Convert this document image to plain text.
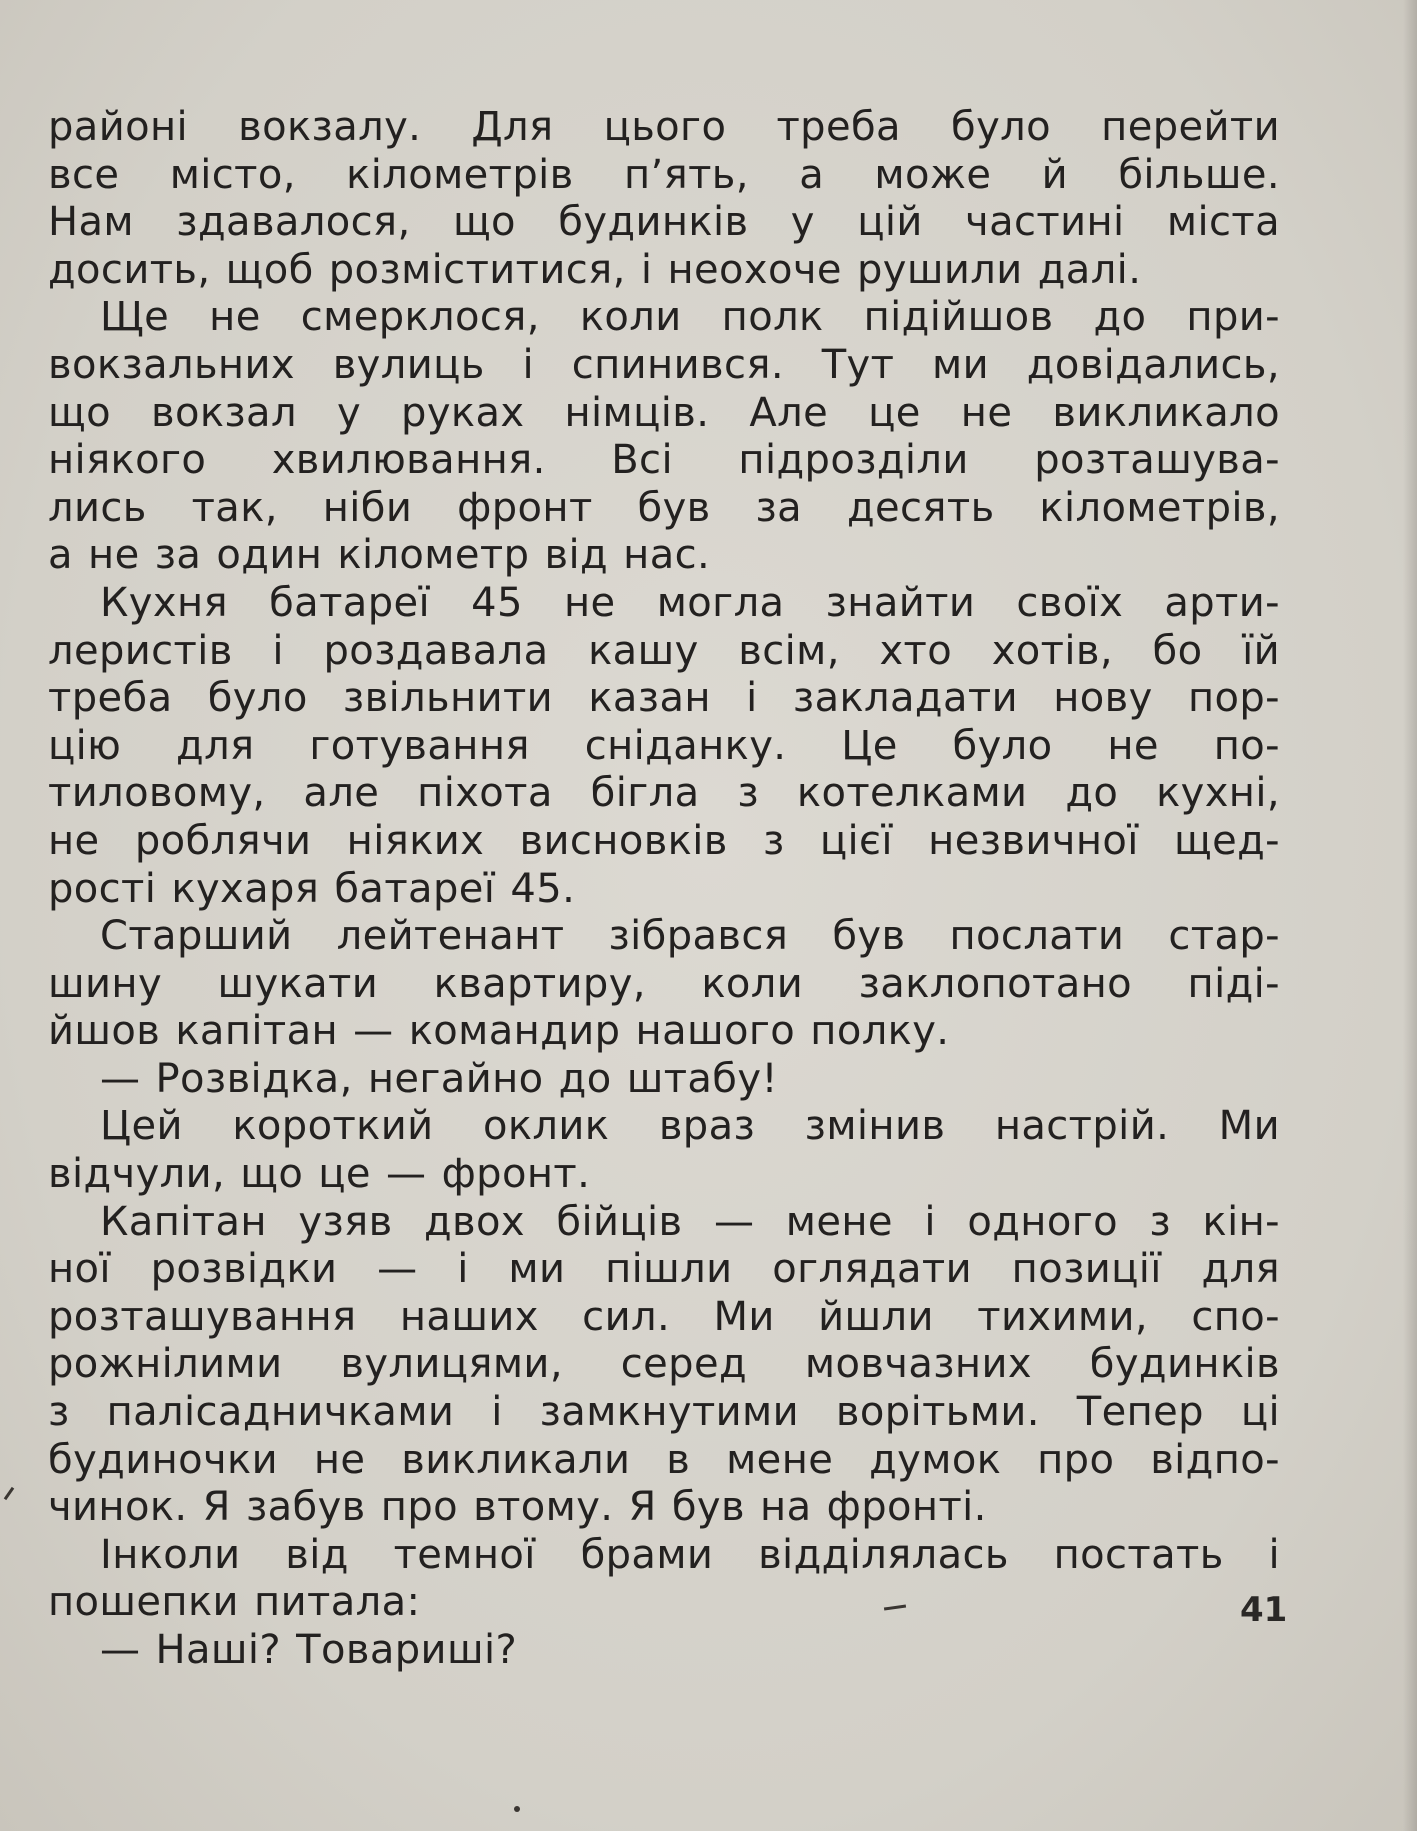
районі вокзалу. Для цього треба було перейти
все місто, кілометрів п’ять, а може й більше.
Нам здавалося, що будинків у цій частині міста
досить, щоб розміститися, і неохоче рушили далі.
Ще не смерклося, коли полк підійшов до при-
вокзальних вулиць і спинився. Тут ми довідались,
що вокзал у руках німців. Але це не викликало
ніякого хвилювання. Всі підрозділи розташува-
лись так, ніби фронт був за десять кілометрів,
а не за один кілометр від нас.
Кухня батареї 45 не могла знайти своїх арти-
леристів і роздавала кашу всім, хто хотів, бо їй
треба було звільнити казан і закладати нову пор-
цію для готування сніданку. Це було не по-
тиловому, але піхота бігла з котелками до кухні,
не роблячи ніяких висновків з цієї незвичної щед-
рості кухаря батареї 45.
Старший лейтенант зібрався був послати стар-
шину шукати квартиру, коли заклопотано піді-
йшов капітан — командир нашого полку.
— Розвідка, негайно до штабу!
Цей короткий оклик враз змінив настрій. Ми
відчули, що це — фронт.
Капітан узяв двох бійців — мене і одного з кін-
ної розвідки — і ми пішли оглядати позиції для
розташування наших сил. Ми йшли тихими, спо-
рожнілими вулицями, серед мовчазних будинків
з палісадничками і замкнутими ворітьми. Тепер ці
будиночки не викликали в мене думок про відпо-
чинок. Я забув про втому. Я був на фронті.
Інколи від темної брами відділялась постать і
пошепки питала:
— Наші? Товариші?
41
